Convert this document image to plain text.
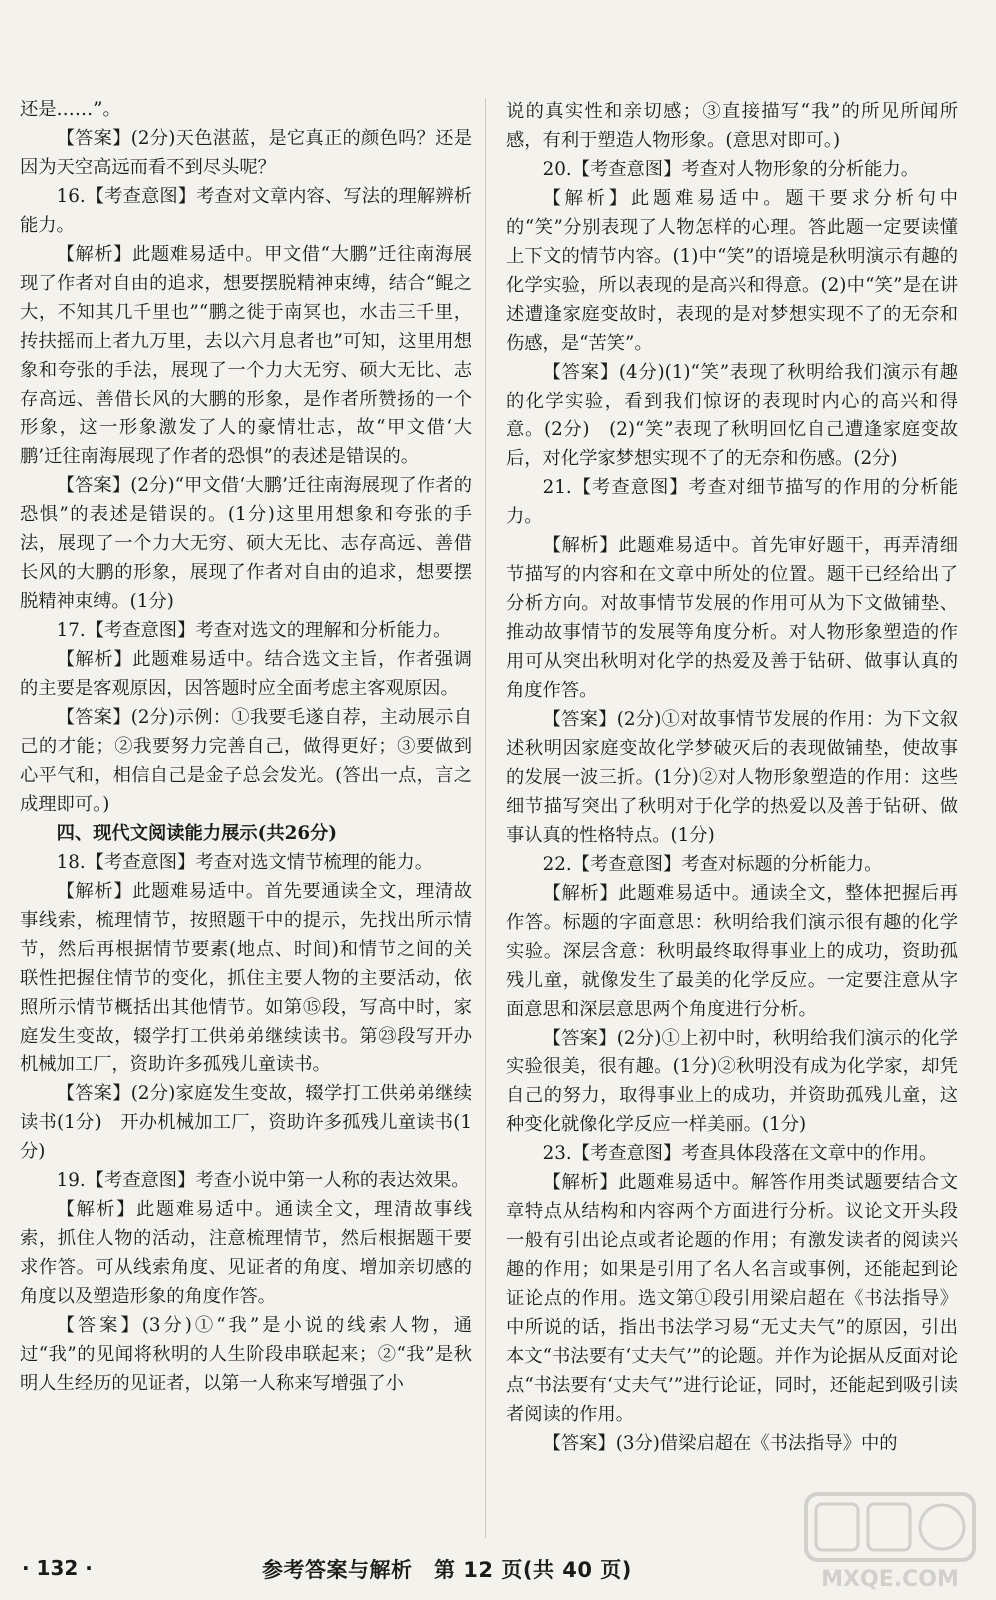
还是……”。

【答案】(2分)天色湛蓝，是它真正的颜色吗？还是因为天空高远而看不到尽头呢？

16.【考查意图】考查对文章内容、写法的理解辨析能力。

【解析】此题难易适中。甲文借“大鹏”迁往南海展现了作者对自由的追求，想要摆脱精神束缚，结合“鲲之大，不知其几千里也”“鹏之徙于南冥也，水击三千里，抟扶摇而上者九万里，去以六月息者也”可知，这里用想象和夸张的手法，展现了一个力大无穷、硕大无比、志存高远、善借长风的大鹏的形象，是作者所赞扬的一个形象，这一形象激发了人的豪情壮志，故“甲文借‘大鹏’迁往南海展现了作者的恐惧”的表述是错误的。

【答案】(2分)“甲文借‘大鹏’迁往南海展现了作者的恐惧”的表述是错误的。(1分)这里用想象和夸张的手法，展现了一个力大无穷、硕大无比、志存高远、善借长风的大鹏的形象，展现了作者对自由的追求，想要摆脱精神束缚。(1分)

17.【考查意图】考查对选文的理解和分析能力。

【解析】此题难易适中。结合选文主旨，作者强调的主要是客观原因，因答题时应全面考虑主客观原因。

【答案】(2分)示例：①我要毛遂自荐，主动展示自己的才能；②我要努力完善自己，做得更好；③要做到心平气和，相信自己是金子总会发光。(答出一点，言之成理即可。)

四、现代文阅读能力展示(共26分)

18.【考查意图】考查对选文情节梳理的能力。

【解析】此题难易适中。首先要通读全文，理清故事线索，梳理情节，按照题干中的提示，先找出所示情节，然后再根据情节要素(地点、时间)和情节之间的关联性把握住情节的变化，抓住主要人物的主要活动，依照所示情节概括出其他情节。如第⑮段，写高中时，家庭发生变故，辍学打工供弟弟继续读书。第㉓段写开办机械加工厂，资助许多孤残儿童读书。

【答案】(2分)家庭发生变故，辍学打工供弟弟继续读书(1分)　开办机械加工厂，资助许多孤残儿童读书(1分)

19.【考查意图】考查小说中第一人称的表达效果。

【解析】此题难易适中。通读全文，理清故事线索，抓住人物的活动，注意梳理情节，然后根据题干要求作答。可从线索角度、见证者的角度、增加亲切感的角度以及塑造形象的角度作答。

【答案】(3分)①“我”是小说的线索人物，通过“我”的见闻将秋明的人生阶段串联起来；②“我”是秋明人生经历的见证者，以第一人称来写增强了小

说的真实性和亲切感；③直接描写“我”的所见所闻所感，有利于塑造人物形象。(意思对即可。)

20.【考查意图】考查对人物形象的分析能力。

【解析】此题难易适中。题干要求分析句中的“笑”分别表现了人物怎样的心理。答此题一定要读懂上下文的情节内容。(1)中“笑”的语境是秋明演示有趣的化学实验，所以表现的是高兴和得意。(2)中“笑”是在讲述遭逢家庭变故时，表现的是对梦想实现不了的无奈和伤感，是“苦笑”。

【答案】(4分)(1)“笑”表现了秋明给我们演示有趣的化学实验，看到我们惊讶的表现时内心的高兴和得意。(2分)　(2)“笑”表现了秋明回忆自己遭逢家庭变故后，对化学家梦想实现不了的无奈和伤感。(2分)

21.【考查意图】考查对细节描写的作用的分析能力。

【解析】此题难易适中。首先审好题干，再弄清细节描写的内容和在文章中所处的位置。题干已经给出了分析方向。对故事情节发展的作用可从为下文做铺垫、推动故事情节的发展等角度分析。对人物形象塑造的作用可从突出秋明对化学的热爱及善于钻研、做事认真的角度作答。

【答案】(2分)①对故事情节发展的作用：为下文叙述秋明因家庭变故化学梦破灭后的表现做铺垫，使故事的发展一波三折。(1分)②对人物形象塑造的作用：这些细节描写突出了秋明对于化学的热爱以及善于钻研、做事认真的性格特点。(1分)

22.【考查意图】考查对标题的分析能力。

【解析】此题难易适中。通读全文，整体把握后再作答。标题的字面意思：秋明给我们演示很有趣的化学实验。深层含意：秋明最终取得事业上的成功，资助孤残儿童，就像发生了最美的化学反应。一定要注意从字面意思和深层意思两个角度进行分析。

【答案】(2分)①上初中时，秋明给我们演示的化学实验很美，很有趣。(1分)②秋明没有成为化学家，却凭自己的努力，取得事业上的成功，并资助孤残儿童，这种变化就像化学反应一样美丽。(1分)

23.【考查意图】考查具体段落在文章中的作用。

【解析】此题难易适中。解答作用类试题要结合文章特点从结构和内容两个方面进行分析。议论文开头段一般有引出论点或者论题的作用；有激发读者的阅读兴趣的作用；如果是引用了名人名言或事例，还能起到论证论点的作用。选文第①段引用梁启超在《书法指导》中所说的话，指出书法学习易“无丈夫气”的原因，引出本文“书法要有‘丈夫气’”的论题。并作为论据从反面对论点“书法要有‘丈夫气’”进行论证，同时，还能起到吸引读者阅读的作用。

【答案】(3分)借梁启超在《书法指导》中的

· 132 ·	参考答案与解析　第 12 页(共 40 页)	MXQE.COM
